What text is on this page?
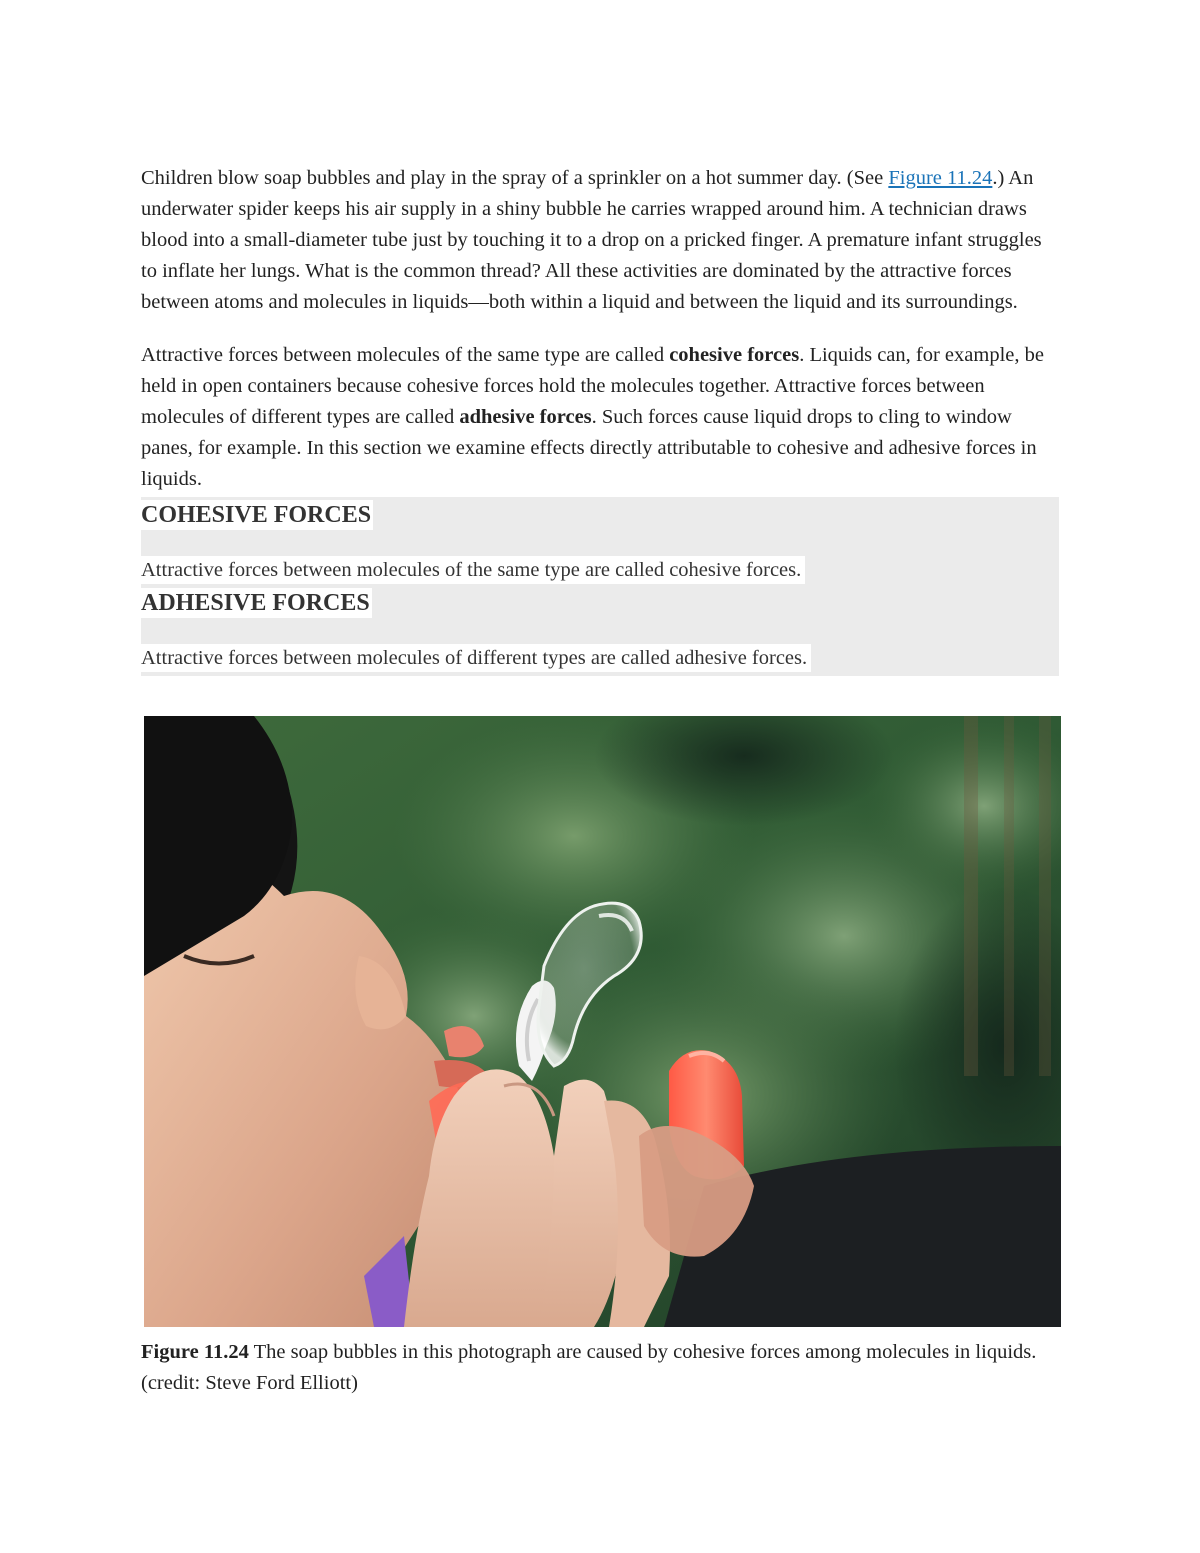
Children blow soap bubbles and play in the spray of a sprinkler on a hot summer day. (See Figure 11.24.) An underwater spider keeps his air supply in a shiny bubble he carries wrapped around him. A technician draws blood into a small-diameter tube just by touching it to a drop on a pricked finger. A premature infant struggles to inflate her lungs. What is the common thread? All these activities are dominated by the attractive forces between atoms and molecules in liquids—both within a liquid and between the liquid and its surroundings.

Attractive forces between molecules of the same type are called cohesive forces. Liquids can, for example, be held in open containers because cohesive forces hold the molecules together. Attractive forces between molecules of different types are called adhesive forces. Such forces cause liquid drops to cling to window panes, for example. In this section we examine effects directly attributable to cohesive and adhesive forces in liquids.

COHESIVE FORCES
Attractive forces between molecules of the same type are called cohesive forces.
ADHESIVE FORCES
Attractive forces between molecules of different types are called adhesive forces.
Figure 11.24 The soap bubbles in this photograph are caused by cohesive forces among molecules in liquids. (credit: Steve Ford Elliott)
